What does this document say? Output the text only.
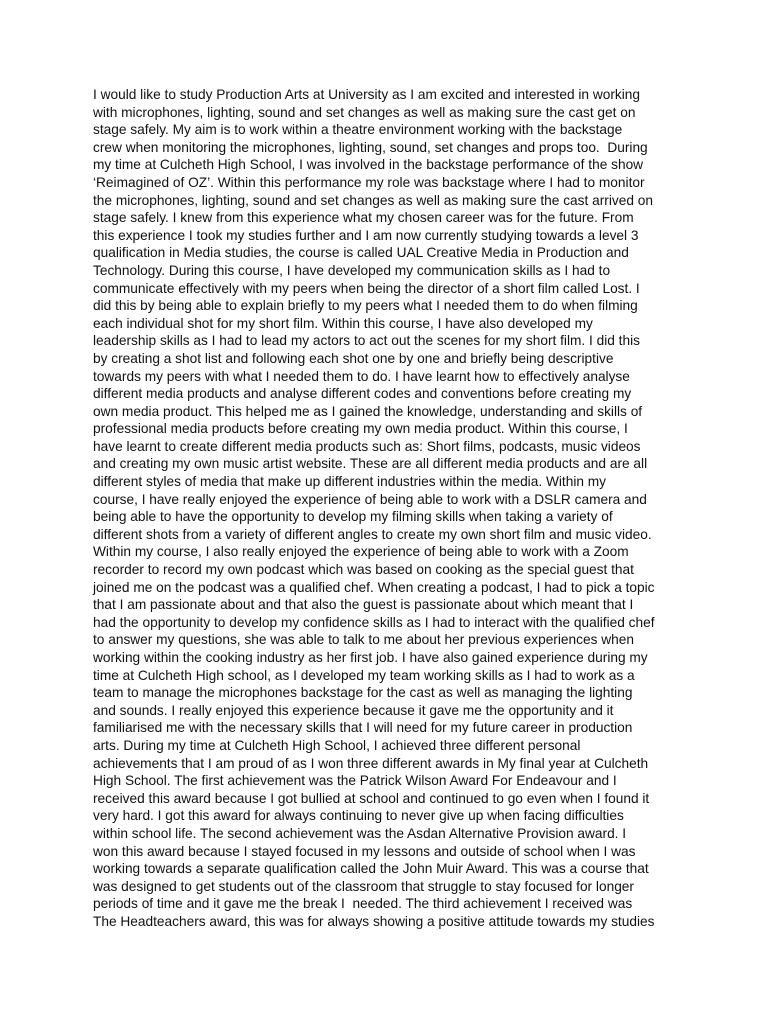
I would like to study Production Arts at University as I am excited and interested in working
with microphones, lighting, sound and set changes as well as making sure the cast get on
stage safely. My aim is to work within a theatre environment working with the backstage
crew when monitoring the microphones, lighting, sound, set changes and props too.  During
my time at Culcheth High School, I was involved in the backstage performance of the show
‘Reimagined of OZ’. Within this performance my role was backstage where I had to monitor
the microphones, lighting, sound and set changes as well as making sure the cast arrived on
stage safely. I knew from this experience what my chosen career was for the future. From
this experience I took my studies further and I am now currently studying towards a level 3
qualification in Media studies, the course is called UAL Creative Media in Production and
Technology. During this course, I have developed my communication skills as I had to
communicate effectively with my peers when being the director of a short film called Lost. I
did this by being able to explain briefly to my peers what I needed them to do when filming
each individual shot for my short film. Within this course, I have also developed my
leadership skills as I had to lead my actors to act out the scenes for my short film. I did this
by creating a shot list and following each shot one by one and briefly being descriptive
towards my peers with what I needed them to do. I have learnt how to effectively analyse
different media products and analyse different codes and conventions before creating my
own media product. This helped me as I gained the knowledge, understanding and skills of
professional media products before creating my own media product. Within this course, I
have learnt to create different media products such as: Short films, podcasts, music videos
and creating my own music artist website. These are all different media products and are all
different styles of media that make up different industries within the media. Within my
course, I have really enjoyed the experience of being able to work with a DSLR camera and
being able to have the opportunity to develop my filming skills when taking a variety of
different shots from a variety of different angles to create my own short film and music video.
Within my course, I also really enjoyed the experience of being able to work with a Zoom
recorder to record my own podcast which was based on cooking as the special guest that
joined me on the podcast was a qualified chef. When creating a podcast, I had to pick a topic
that I am passionate about and that also the guest is passionate about which meant that I
had the opportunity to develop my confidence skills as I had to interact with the qualified chef
to answer my questions, she was able to talk to me about her previous experiences when
working within the cooking industry as her first job. I have also gained experience during my
time at Culcheth High school, as I developed my team working skills as I had to work as a
team to manage the microphones backstage for the cast as well as managing the lighting
and sounds. I really enjoyed this experience because it gave me the opportunity and it
familiarised me with the necessary skills that I will need for my future career in production
arts. During my time at Culcheth High School, I achieved three different personal
achievements that I am proud of as I won three different awards in My final year at Culcheth
High School. The first achievement was the Patrick Wilson Award For Endeavour and I
received this award because I got bullied at school and continued to go even when I found it
very hard. I got this award for always continuing to never give up when facing difficulties
within school life. The second achievement was the Asdan Alternative Provision award. I
won this award because I stayed focused in my lessons and outside of school when I was
working towards a separate qualification called the John Muir Award. This was a course that
was designed to get students out of the classroom that struggle to stay focused for longer
periods of time and it gave me the break I  needed. The third achievement I received was
The Headteachers award, this was for always showing a positive attitude towards my studies
